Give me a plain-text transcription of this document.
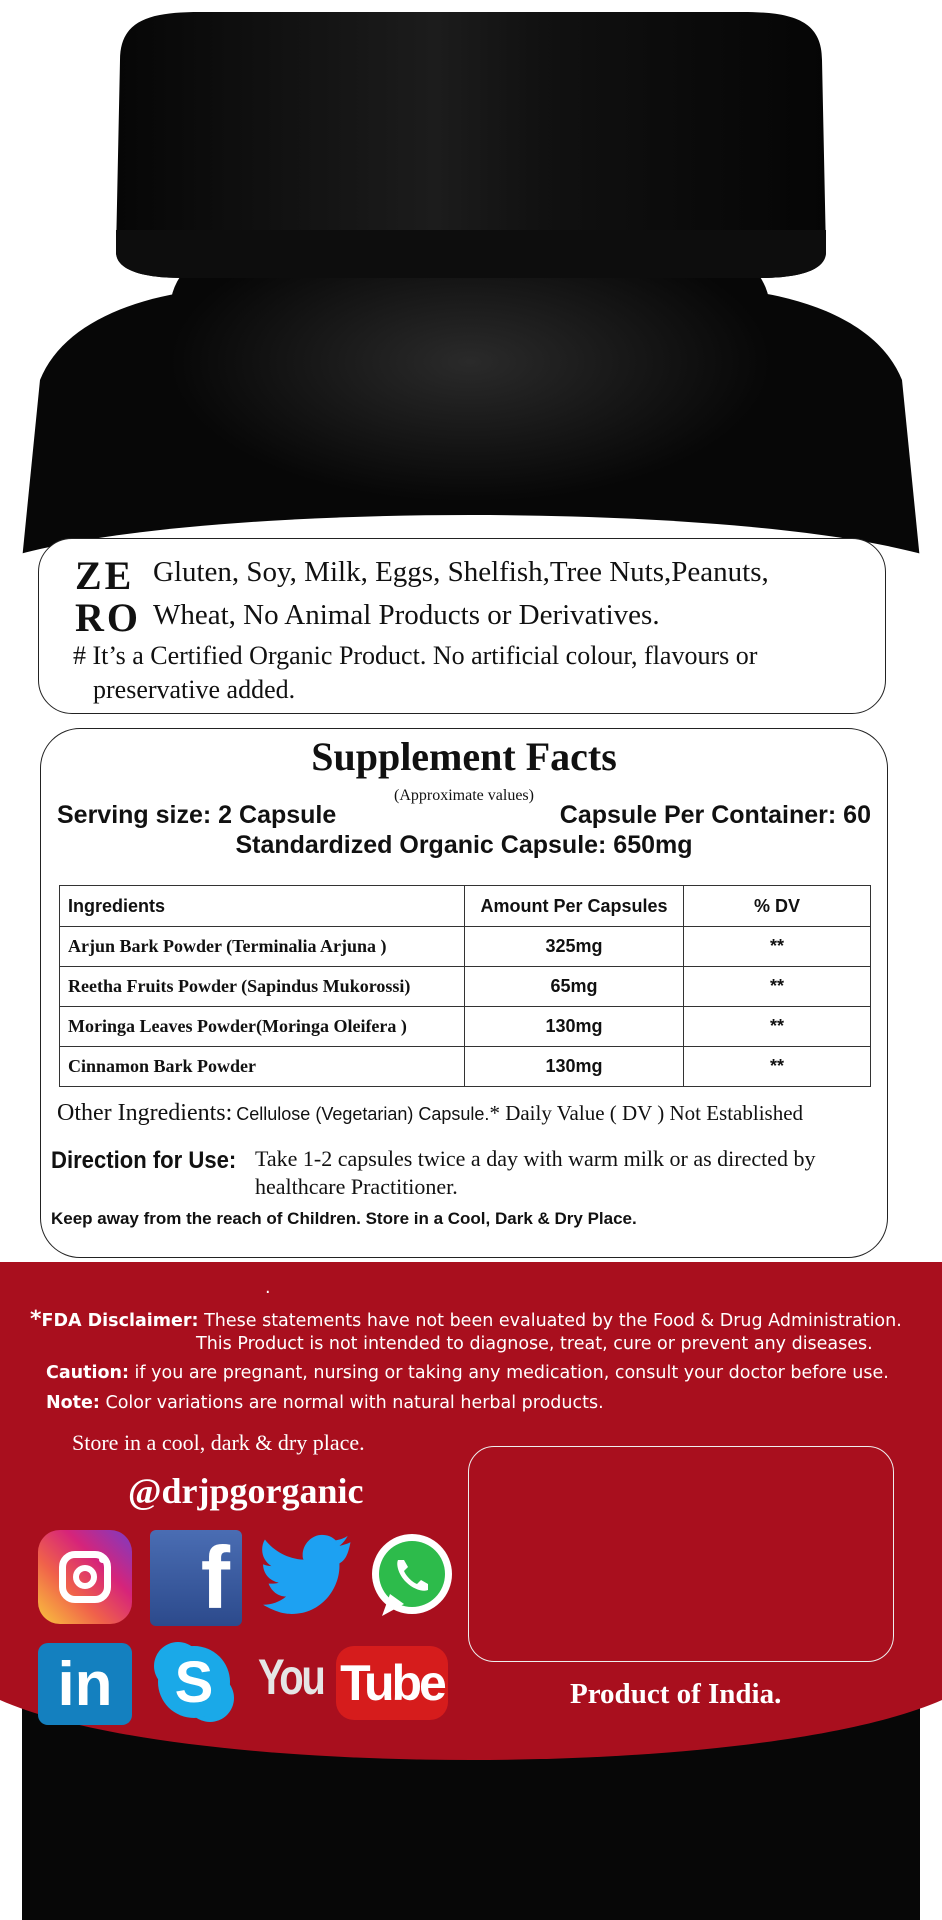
ZE
RO
Gluten, Soy, Milk, Eggs, Shelfish,Tree Nuts,Peanuts,
Wheat, No Animal Products or Derivatives.
# It’s a Certified Organic Product. No artificial colour, flavours or
preservative added.
Supplement Facts
(Approximate values)
Serving size: 2 Capsule	Capsule Per Container: 60
Standardized Organic Capsule: 650mg
Ingredients	Amount Per Capsules	% DV
Arjun Bark Powder (Terminalia Arjuna )	325mg	**
Reetha Fruits Powder (Sapindus Mukorossi)	65mg	**
Moringa Leaves Powder(Moringa Oleifera )	130mg	**
Cinnamon Bark Powder	130mg	**
Other Ingredients: Cellulose (Vegetarian) Capsule.* Daily Value ( DV ) Not Established
Direction for Use: Take 1-2 capsules twice a day with warm milk or as directed by healthcare Practitioner.
Keep away from the reach of Children. Store in a Cool, Dark & Dry Place.
.
*FDA Disclaimer: These statements have not been evaluated by the Food & Drug Administration.
This Product is not intended to diagnose, treat, cure or prevent any diseases.
Caution: if you are pregnant, nursing or taking any medication, consult your doctor before use.
Note: Color variations are normal with natural herbal products.
Store in a cool, dark & dry place.
@drjpgorganic
f
in	S You Tube	Product of India.
